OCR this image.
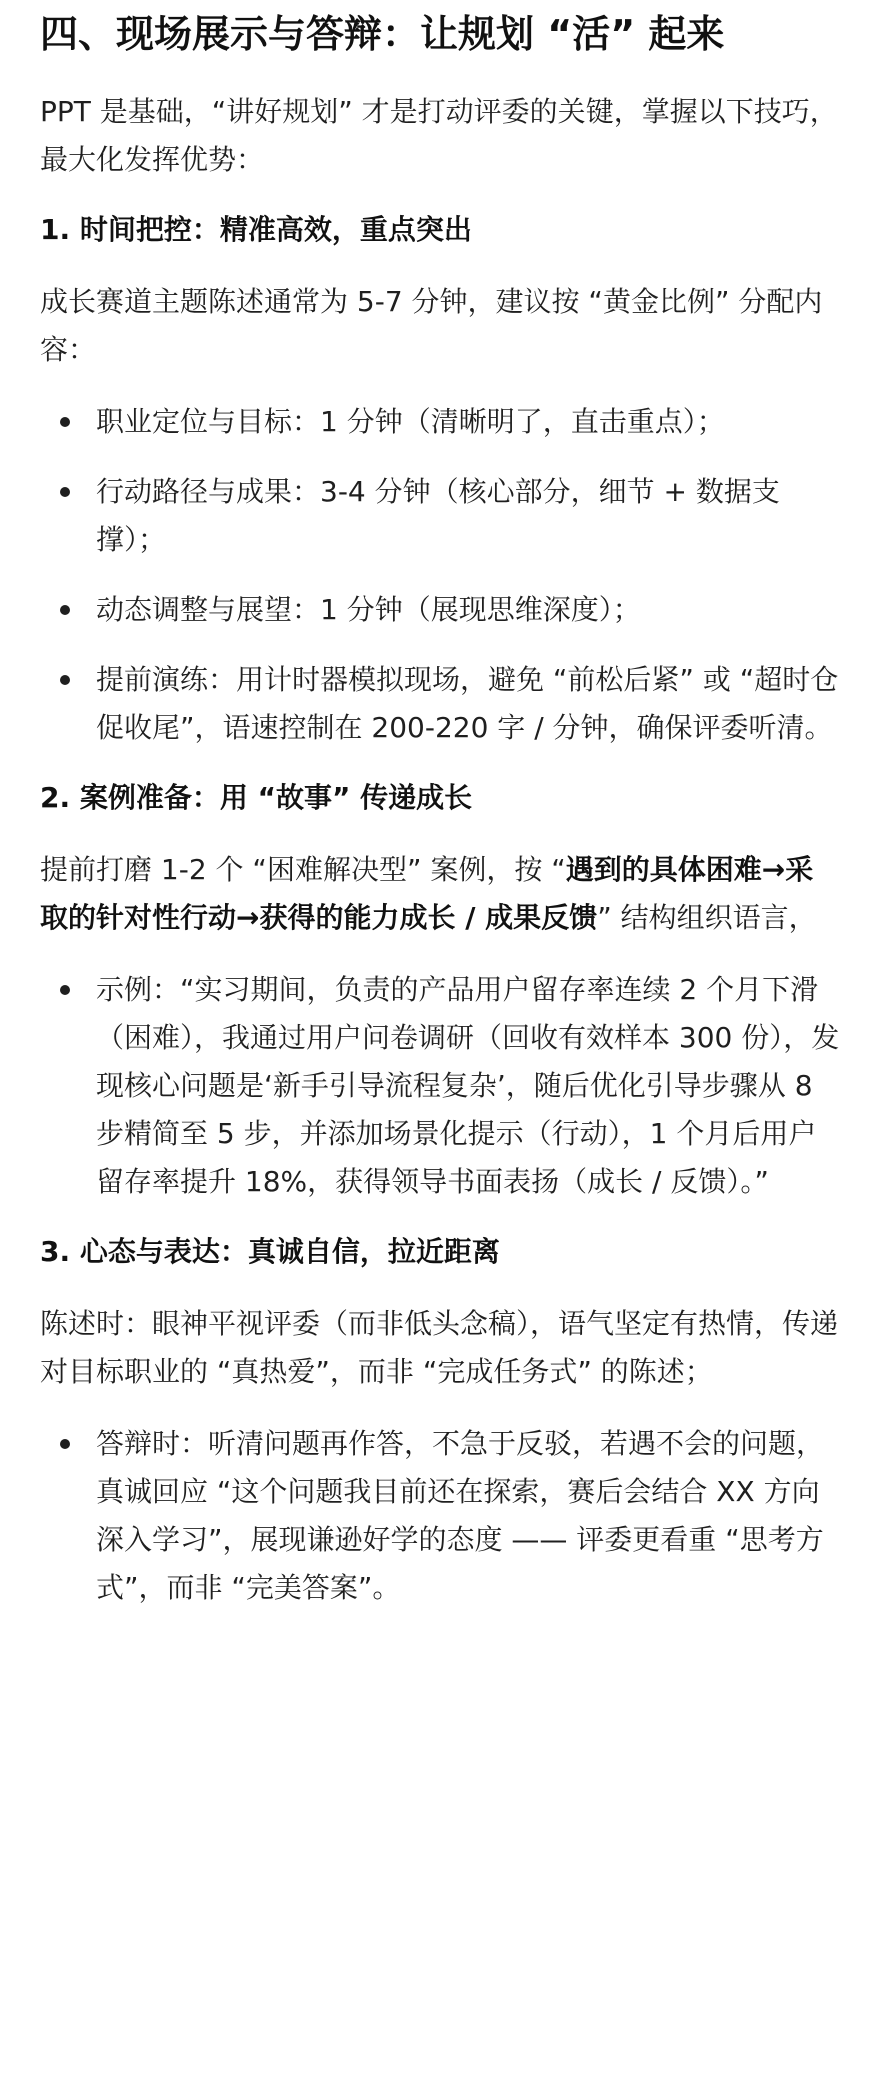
四、现场展示与答辩：让规划 “活” 起来

PPT 是基础，“讲好规划” 才是打动评委的关键，掌握以下技巧，最大化发挥优势：

1. 时间把控：精准高效，重点突出

成长赛道主题陈述通常为 5-7 分钟，建议按 “黄金比例” 分配内容：

职业定位与目标：1 分钟（清晰明了，直击重点）；
行动路径与成果：3-4 分钟（核心部分，细节 + 数据支撑）；
动态调整与展望：1 分钟（展现思维深度）；
提前演练：用计时器模拟现场，避免 “前松后紧” 或 “超时仓促收尾”，语速控制在 200-220 字 / 分钟，确保评委听清。
2. 案例准备：用 “故事” 传递成长

提前打磨 1-2 个 “困难解决型” 案例，按 “遇到的具体困难→采取的针对性行动→获得的能力成长 / 成果反馈” 结构组织语言，

示例：“实习期间，负责的产品用户留存率连续 2 个月下滑（困难），我通过用户问卷调研（回收有效样本 300 份），发现核心问题是‘新手引导流程复杂’，随后优化引导步骤从 8 步精简至 5 步，并添加场景化提示（行动），1 个月后用户留存率提升 18%，获得领导书面表扬（成长 / 反馈）。”
3. 心态与表达：真诚自信，拉近距离

陈述时：眼神平视评委（而非低头念稿），语气坚定有热情，传递对目标职业的 “真热爱”，而非 “完成任务式” 的陈述；

答辩时：听清问题再作答，不急于反驳，若遇不会的问题，真诚回应 “这个问题我目前还在探索，赛后会结合 XX 方向深入学习”，展现谦逊好学的态度 —— 评委更看重 “思考方式”，而非 “完美答案”。
